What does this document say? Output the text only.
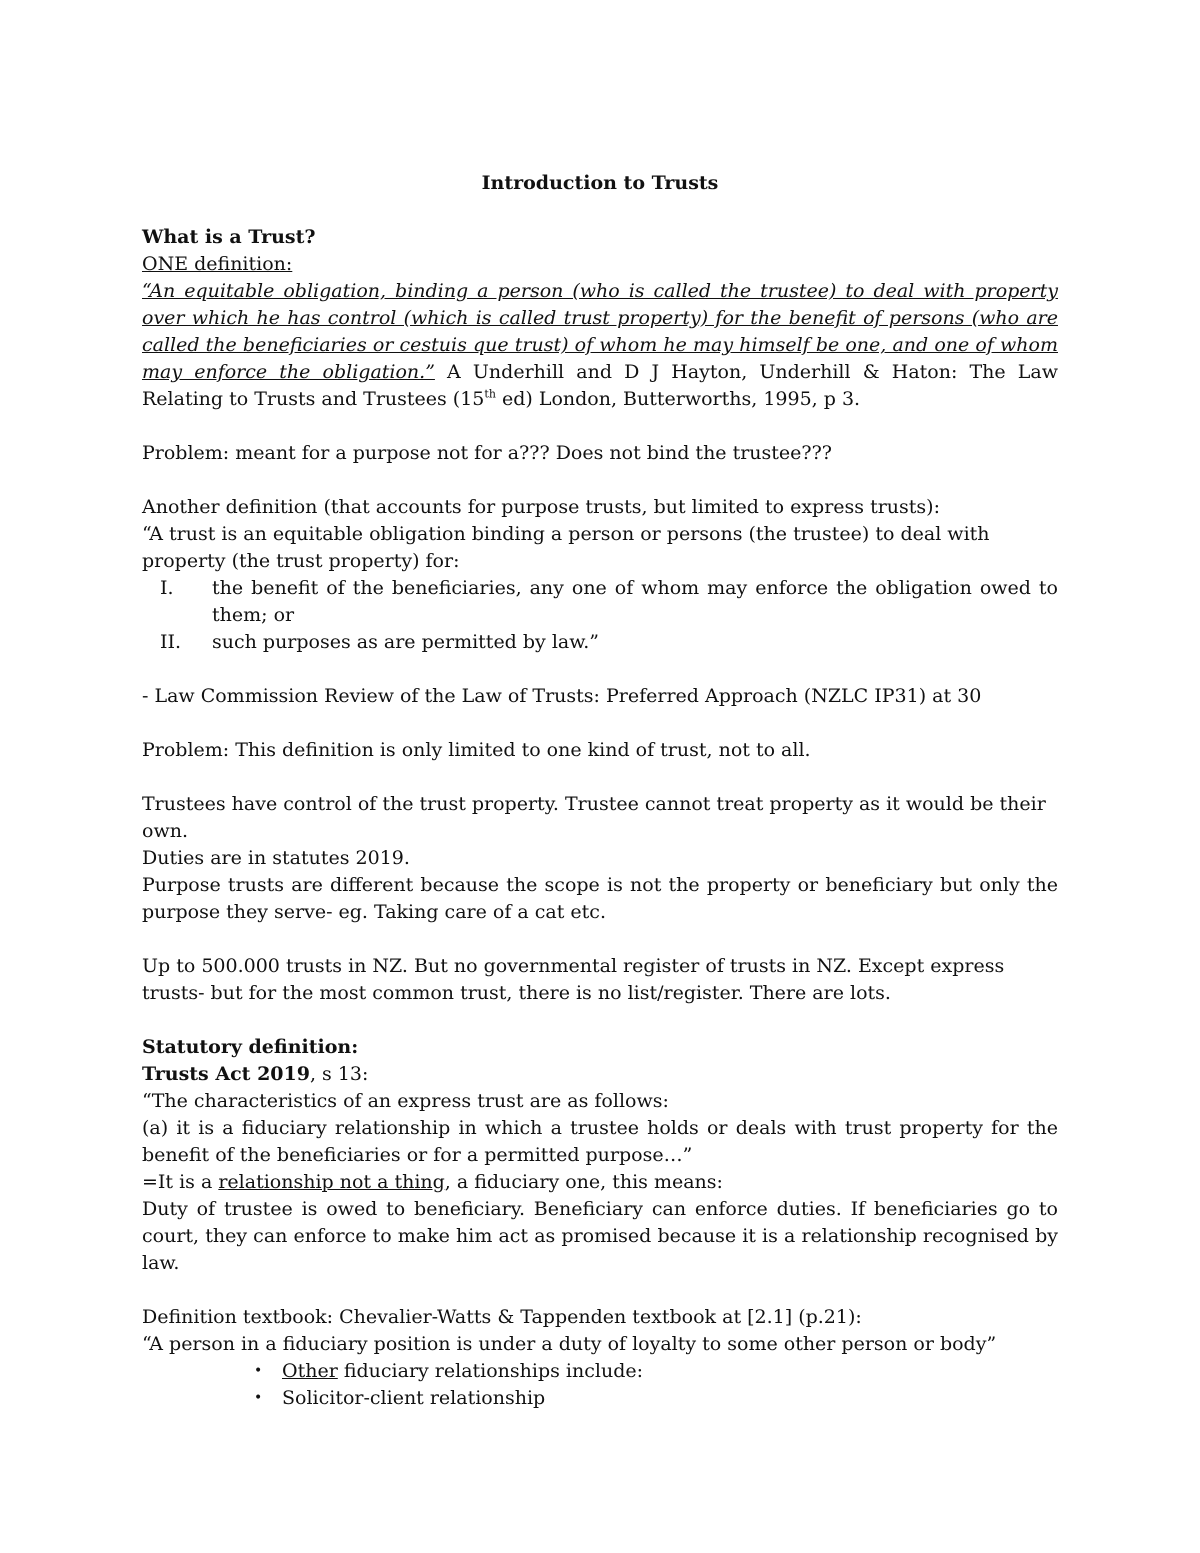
Introduction to Trusts

What is a Trust?

ONE definition:

“An equitable obligation, binding a person (who is called the trustee) to deal with property over which he has control (which is called trust property) for the benefit of persons (who are called the beneficiaries or cestuis que trust) of whom he may himself be one, and one of whom may enforce the obligation.” A Underhill and D J Hayton, Underhill & Haton: The Law Relating to Trusts and Trustees (15th ed) London, Butterworths, 1995, p 3.

Problem: meant for a purpose not for a??? Does not bind the trustee???

Another definition (that accounts for purpose trusts, but limited to express trusts):

“A trust is an equitable obligation binding a person or persons (the trustee) to deal with property (the trust property) for:

I. the benefit of the beneficiaries, any one of whom may enforce the obligation owed to them; or
II. such purposes as are permitted by law.”

- Law Commission Review of the Law of Trusts: Preferred Approach (NZLC IP31) at 30

Problem: This definition is only limited to one kind of trust, not to all.

Trustees have control of the trust property. Trustee cannot treat property as it would be their own.

Duties are in statutes 2019.

Purpose trusts are different because the scope is not the property or beneficiary but only the purpose they serve- eg. Taking care of a cat etc.

Up to 500.000 trusts in NZ. But no governmental register of trusts in NZ. Except express trusts- but for the most common trust, there is no list/register. There are lots.

Statutory definition:

Trusts Act 2019, s 13:

“The characteristics of an express trust are as follows:

(a) it is a fiduciary relationship in which a trustee holds or deals with trust property for the benefit of the beneficiaries or for a permitted purpose…”

=It is a relationship not a thing, a fiduciary one, this means:

Duty of trustee is owed to beneficiary. Beneficiary can enforce duties. If beneficiaries go to court, they can enforce to make him act as promised because it is a relationship recognised by law.

Definition textbook: Chevalier-Watts & Tappenden textbook at [2.1] (p.21):

“A person in a fiduciary position is under a duty of loyalty to some other person or body”

• Other fiduciary relationships include:
• Solicitor-client relationship
